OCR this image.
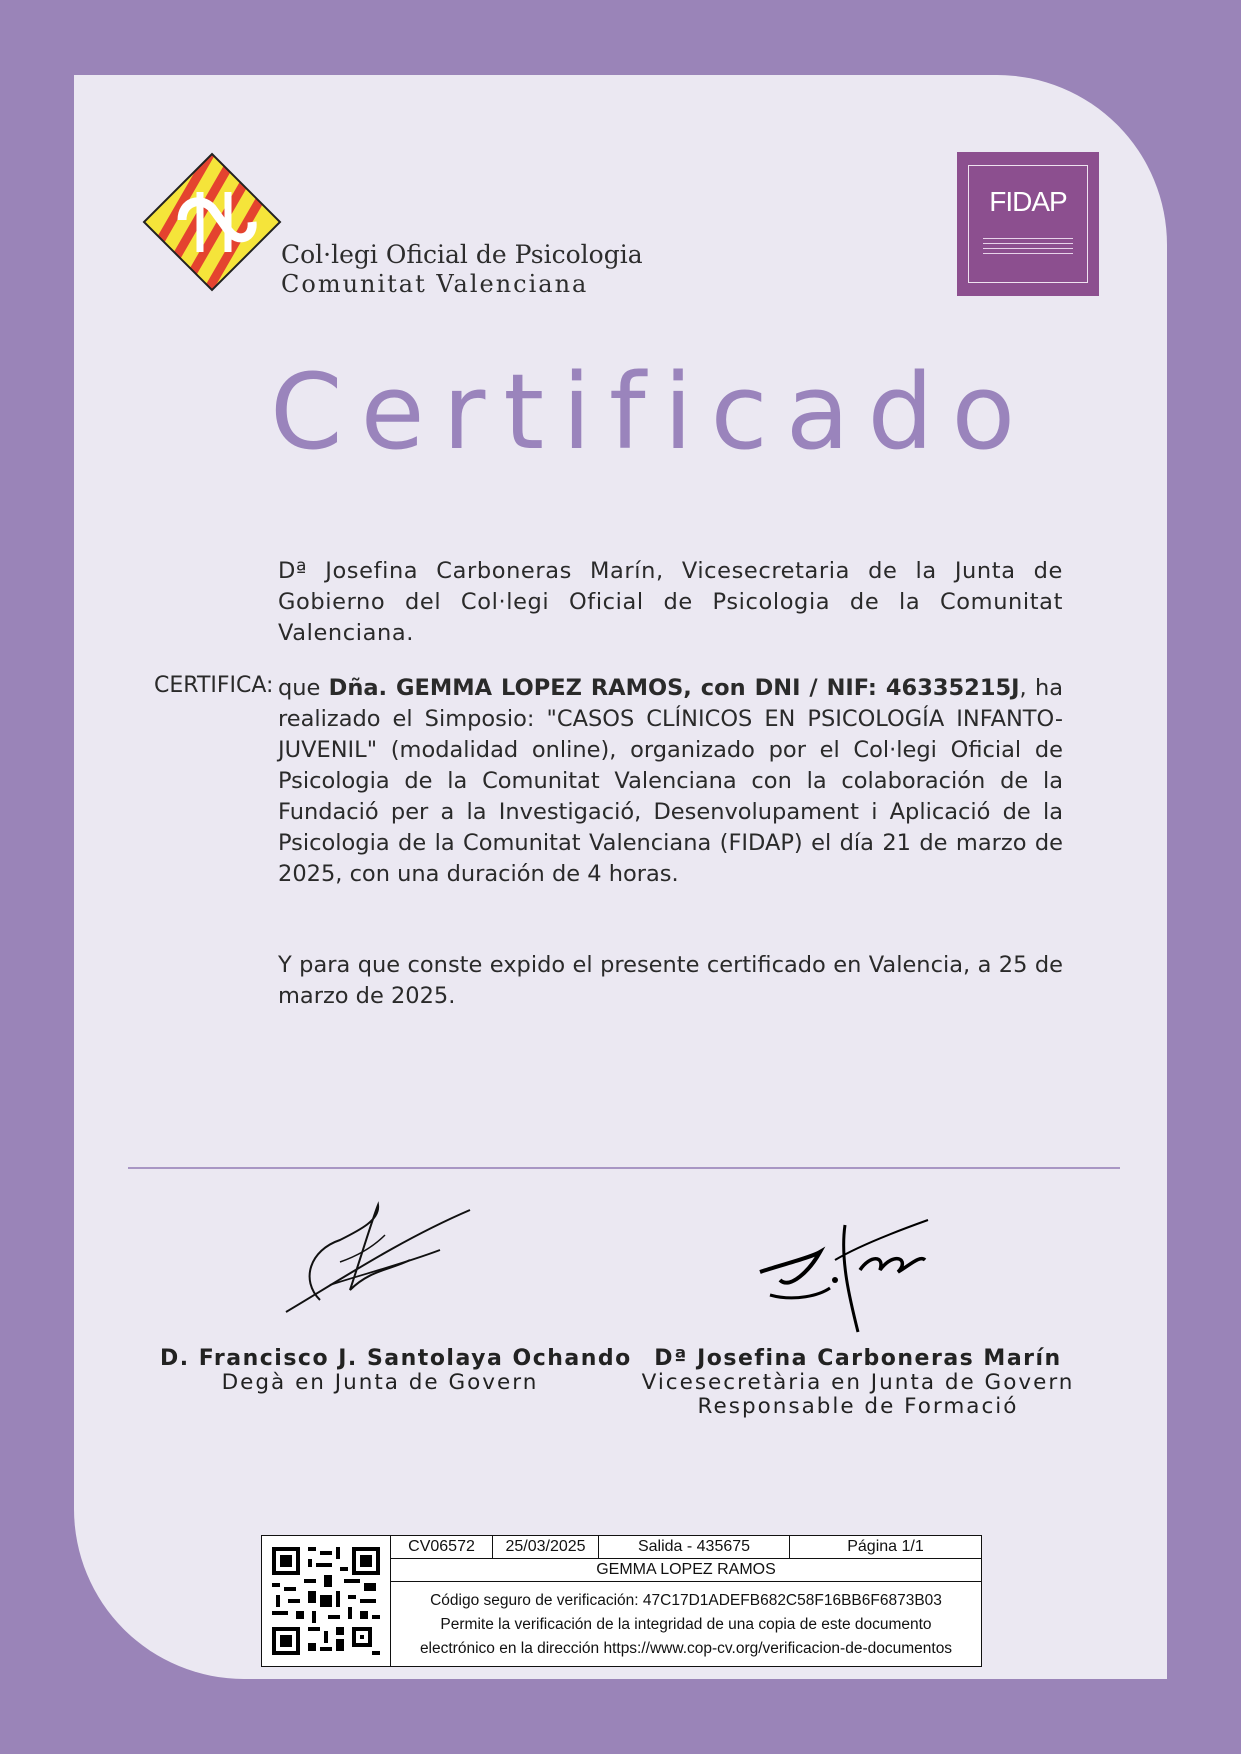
Col·legi Oficial de Psicologia
Comunitat Valenciana
FIDAP
Certificado
Dª Josefina Carboneras Marín, Vicesecretaria de la Junta de Gobierno del Col·legi Oficial de Psicologia de la Comunitat Valenciana.
CERTIFICA: que Dña. GEMMA LOPEZ RAMOS, con DNI / NIF: 46335215J, ha realizado el Simposio: "CASOS CLÍNICOS EN PSICOLOGÍA INFANTO-JUVENIL" (modalidad online), organizado por el Col·legi Oficial de Psicologia de la Comunitat Valenciana con la colaboración de la Fundació per a la Investigació, Desenvolupament i Aplicació de la Psicologia de la Comunitat Valenciana (FIDAP) el día 21 de marzo de 2025, con una duración de 4 horas.
Y para que conste expido el presente certificado en Valencia, a 25 de marzo de 2025.
D. Francisco J. Santolaya Ochando
Degà en Junta de Govern
Dª Josefina Carboneras Marín
Vicesecretària en Junta de Govern
Responsable de Formació
CV06572	25/03/2025	Salida - 435675	Página 1/1
GEMMA LOPEZ RAMOS
Código seguro de verificación: 47C17D1ADEFB682C58F16BB6F6873B03
Permite la verificación de la integridad de una copia de este documento
electrónico en la dirección https://www.cop-cv.org/verificacion-de-documentos
